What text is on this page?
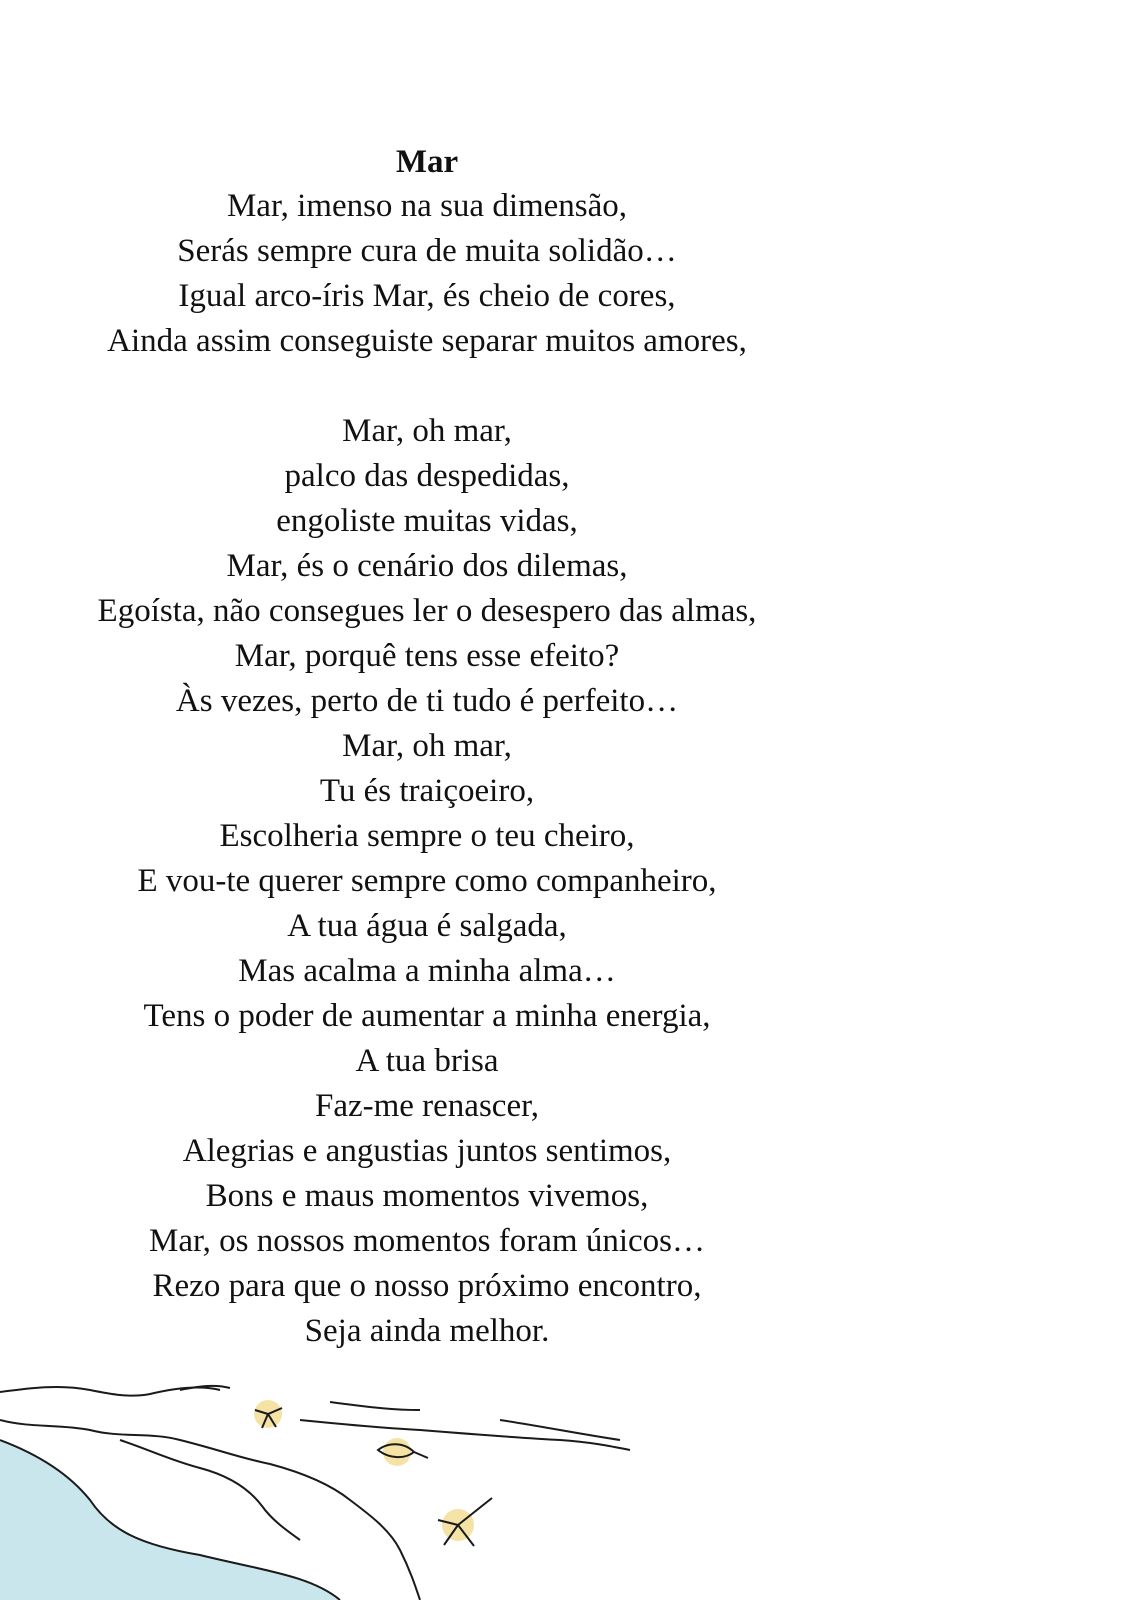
Mar
Mar, imenso na sua dimensão,
Serás sempre cura de muita solidão…
Igual arco-íris Mar, és cheio de cores,
Ainda assim conseguiste separar muitos amores,
Mar, oh mar,
palco das despedidas,
engoliste muitas vidas,
Mar, és o cenário dos dilemas,
Egoísta, não consegues ler o desespero das almas,
Mar, porquê tens esse efeito?
Às vezes, perto de ti tudo é perfeito…
Mar, oh mar,
Tu és traiçoeiro,
Escolheria sempre o teu cheiro,
E vou-te querer sempre como companheiro,
A tua água é salgada,
Mas acalma a minha alma…
Tens o poder de aumentar a minha energia,
A tua brisa
Faz-me renascer,
Alegrias e angustias juntos sentimos,
Bons e maus momentos vivemos,
Mar, os nossos momentos foram únicos…
Rezo para que o nosso próximo encontro,
Seja ainda melhor.
